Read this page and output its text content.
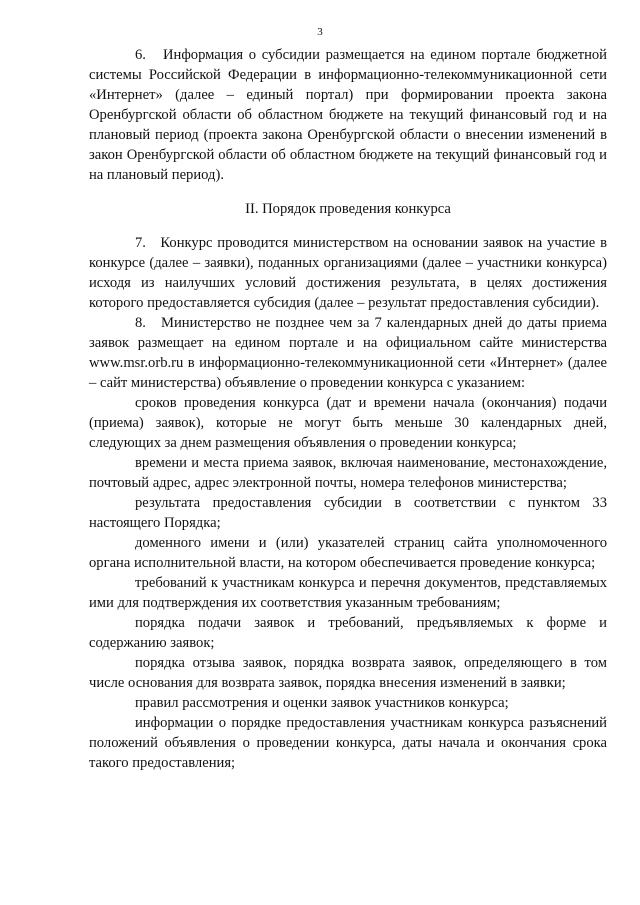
3

6.   Информация о субсидии размещается на едином портале бюджетной системы Российской Федерации в информационно-телекоммуникационной сети «Интернет» (далее – единый портал) при формировании проекта закона Оренбургской области об областном бюджете на текущий финансовый год и на плановый период (проекта закона Оренбургской области о внесении изменений в закон Оренбургской области об областном бюджете на текущий финансовый год и на плановый период).

II. Порядок проведения конкурса

7.   Конкурс проводится министерством на основании заявок на участие в конкурсе (далее – заявки), поданных организациями (далее – участники конкурса) исходя из наилучших условий достижения результата, в целях достижения которого предоставляется субсидия (далее – результат предоставления субсидии).

8.   Министерство не позднее чем за 7 календарных дней до даты приема заявок размещает на едином портале и на официальном сайте министерства www.msr.orb.ru в информационно-телекоммуникационной сети «Интернет» (далее – сайт министерства) объявление о проведении конкурса с указанием:

сроков проведения конкурса (дат и времени начала (окончания) подачи (приема) заявок), которые не могут быть меньше 30 календарных дней, следующих за днем размещения объявления о проведении конкурса;

времени и места приема заявок, включая наименование, местонахождение, почтовый адрес, адрес электронной почты, номера телефонов министерства;

результата предоставления субсидии в соответствии с пунктом 33 настоящего Порядка;

доменного имени и (или) указателей страниц сайта уполномоченного органа исполнительной власти, на котором обеспечивается проведение конкурса;

требований к участникам конкурса и перечня документов, представляемых ими для подтверждения их соответствия указанным требованиям;

порядка подачи заявок и требований, предъявляемых к форме и содержанию заявок;

порядка отзыва заявок, порядка возврата заявок, определяющего в том числе основания для возврата заявок, порядка внесения изменений в заявки;

правил рассмотрения и оценки заявок участников конкурса;

информации о порядке предоставления участникам конкурса разъяснений положений объявления о проведении конкурса, даты начала и окончания срока такого предоставления;
